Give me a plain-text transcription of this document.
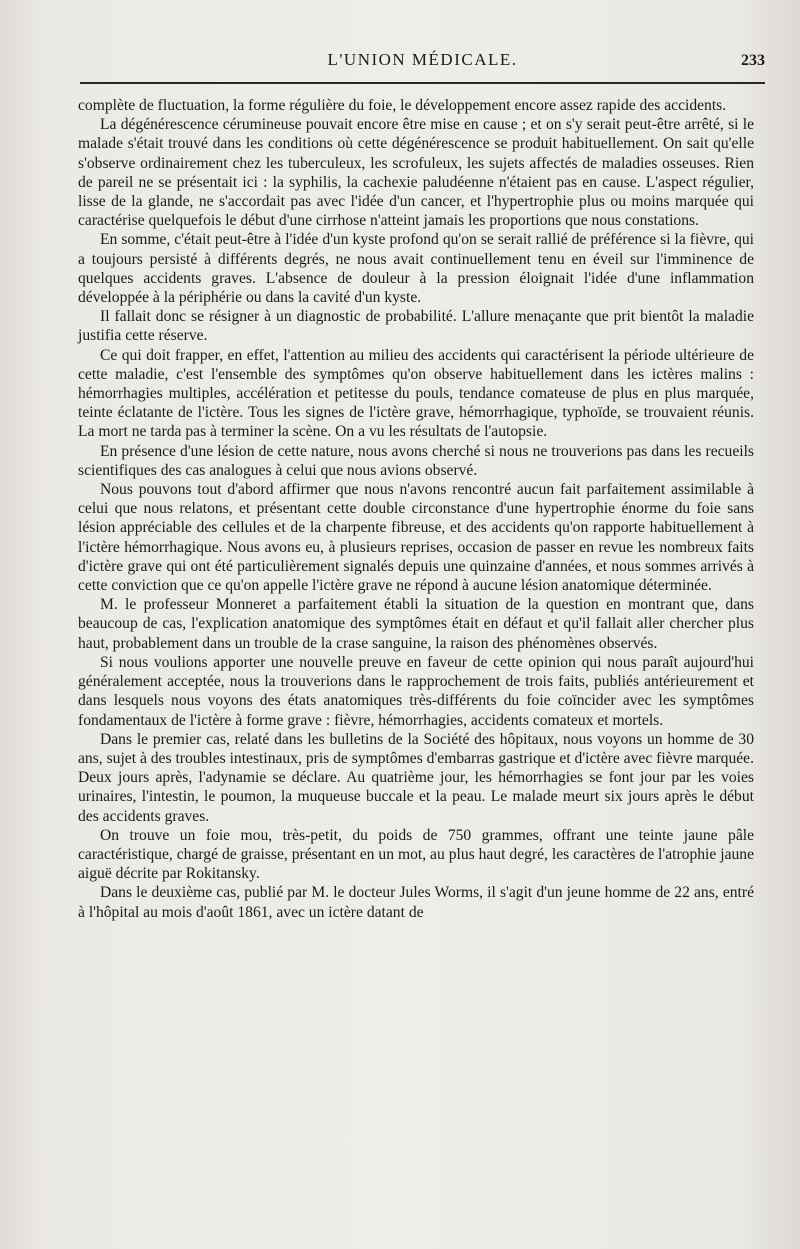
L'UNION MÉDICALE.	233

complète de fluctuation, la forme régulière du foie, le développement encore assez rapide des accidents.

La dégénérescence cérumineuse pouvait encore être mise en cause ; et on s'y serait peut-être arrêté, si le malade s'était trouvé dans les conditions où cette dégénérescence se produit habituellement. On sait qu'elle s'observe ordinairement chez les tuberculeux, les scrofuleux, les sujets affectés de maladies osseuses. Rien de pareil ne se présentait ici : la syphilis, la cachexie paludéenne n'étaient pas en cause. L'aspect régulier, lisse de la glande, ne s'accordait pas avec l'idée d'un cancer, et l'hypertrophie plus ou moins marquée qui caractérise quelquefois le début d'une cirrhose n'atteint jamais les proportions que nous constations.

En somme, c'était peut-être à l'idée d'un kyste profond qu'on se serait rallié de préférence si la fièvre, qui a toujours persisté à différents degrés, ne nous avait continuellement tenu en éveil sur l'imminence de quelques accidents graves. L'absence de douleur à la pression éloignait l'idée d'une inflammation développée à la périphérie ou dans la cavité d'un kyste.

Il fallait donc se résigner à un diagnostic de probabilité. L'allure menaçante que prit bientôt la maladie justifia cette réserve.

Ce qui doit frapper, en effet, l'attention au milieu des accidents qui caractérisent la période ultérieure de cette maladie, c'est l'ensemble des symptômes qu'on observe habituellement dans les ictères malins : hémorrhagies multiples, accélération et petitesse du pouls, tendance comateuse de plus en plus marquée, teinte éclatante de l'ictère. Tous les signes de l'ictère grave, hémorrhagique, typhoïde, se trouvaient réunis. La mort ne tarda pas à terminer la scène. On a vu les résultats de l'autopsie.

En présence d'une lésion de cette nature, nous avons cherché si nous ne trouverions pas dans les recueils scientifiques des cas analogues à celui que nous avions observé.

Nous pouvons tout d'abord affirmer que nous n'avons rencontré aucun fait parfaitement assimilable à celui que nous relatons, et présentant cette double circonstance d'une hypertrophie énorme du foie sans lésion appréciable des cellules et de la charpente fibreuse, et des accidents qu'on rapporte habituellement à l'ictère hémorrhagique. Nous avons eu, à plusieurs reprises, occasion de passer en revue les nombreux faits d'ictère grave qui ont été particulièrement signalés depuis une quinzaine d'années, et nous sommes arrivés à cette conviction que ce qu'on appelle l'ictère grave ne répond à aucune lésion anatomique déterminée.

M. le professeur Monneret a parfaitement établi la situation de la question en montrant que, dans beaucoup de cas, l'explication anatomique des symptômes était en défaut et qu'il fallait aller chercher plus haut, probablement dans un trouble de la crase sanguine, la raison des phénomènes observés.

Si nous voulions apporter une nouvelle preuve en faveur de cette opinion qui nous paraît aujourd'hui généralement acceptée, nous la trouverions dans le rapprochement de trois faits, publiés antérieurement et dans lesquels nous voyons des états anatomiques très-différents du foie coïncider avec les symptômes fondamentaux de l'ictère à forme grave : fièvre, hémorrhagies, accidents comateux et mortels.

Dans le premier cas, relaté dans les bulletins de la Société des hôpitaux, nous voyons un homme de 30 ans, sujet à des troubles intestinaux, pris de symptômes d'embarras gastrique et d'ictère avec fièvre marquée. Deux jours après, l'adynamie se déclare. Au quatrième jour, les hémorrhagies se font jour par les voies urinaires, l'intestin, le poumon, la muqueuse buccale et la peau. Le malade meurt six jours après le début des accidents graves.

On trouve un foie mou, très-petit, du poids de 750 grammes, offrant une teinte jaune pâle caractéristique, chargé de graisse, présentant en un mot, au plus haut degré, les caractères de l'atrophie jaune aiguë décrite par Rokitansky.

Dans le deuxième cas, publié par M. le docteur Jules Worms, il s'agit d'un jeune homme de 22 ans, entré à l'hôpital au mois d'août 1861, avec un ictère datant de
